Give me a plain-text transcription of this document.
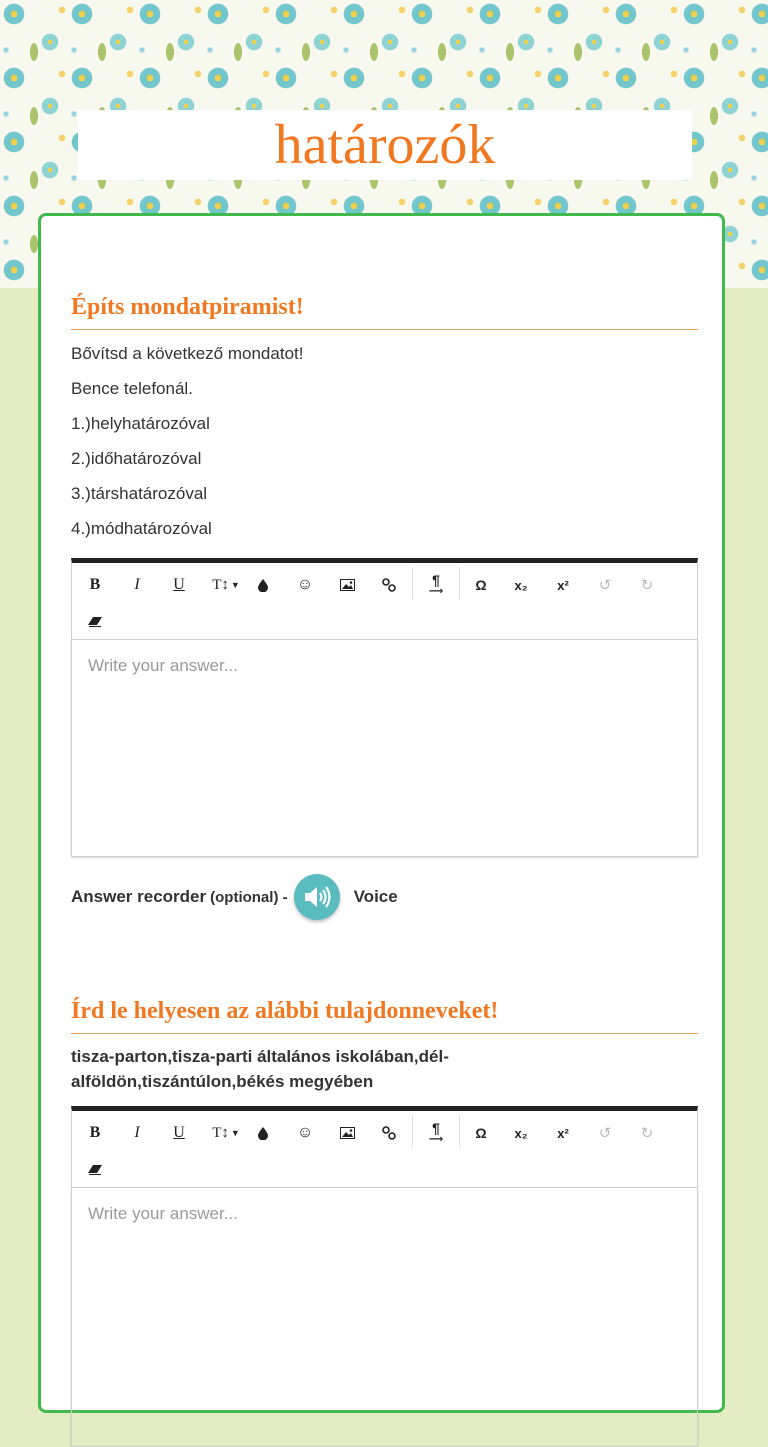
határozók
Építs mondatpiramist!

Bővítsd a következő mondatot!

Bence telefonál.

1.)helyhatározóval

2.)időhatározóval

3.)társhatározóval

4.)módhatározóval

B	I	U	T↕ ▼	☺	¶
⟶	Ω	x₂	x²	↺	↻
Write your answer...
Answer recorder (optional) -	Voice
Írd le helyesen az alábbi tulajdonneveket!
tisza-parton,tisza-parti általános iskolában,dél-
alföldön,tiszántúlon,békés megyében
B	I	U	T↕ ▼	☺	¶
⟶	Ω	x₂	x²	↺	↻
Write your answer...
